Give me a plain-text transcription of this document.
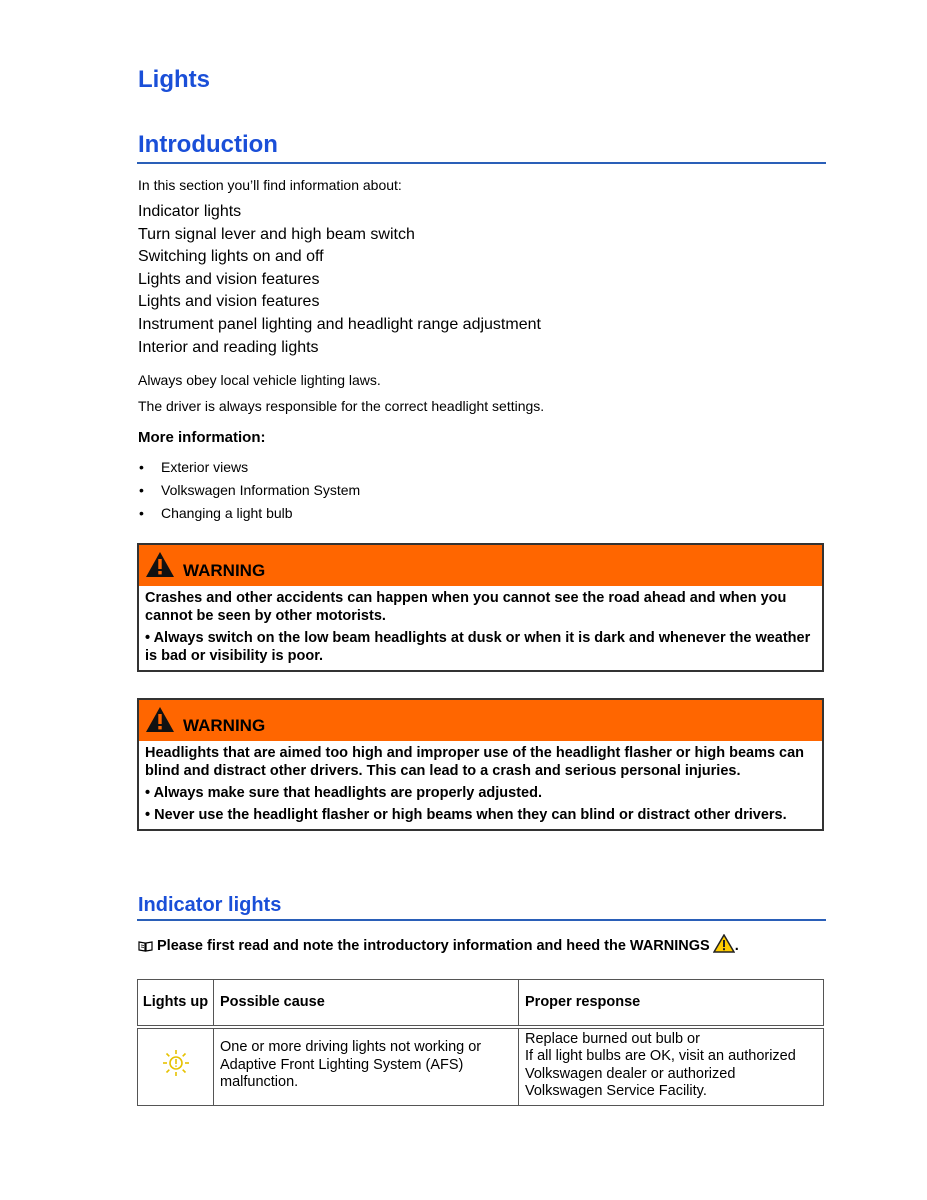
Lights
Introduction
In this section you’ll find information about:
Indicator lights
Turn signal lever and high beam switch
Switching lights on and off
Lights and vision features
Lights and vision features
Instrument panel lighting and headlight range adjustment
Interior and reading lights
Always obey local vehicle lighting laws.
The driver is always responsible for the correct headlight settings.
More information:
• Exterior views
• Volkswagen Information System
• Changing a light bulb
WARNING

Crashes and other accidents can happen when you cannot see the road ahead and when you cannot be seen by other motorists.

• Always switch on the low beam headlights at dusk or when it is dark and whenever the weather is bad or visibility is poor.

WARNING

Headlights that are aimed too high and improper use of the headlight flasher or high beams can blind and distract other drivers. This can lead to a crash and serious personal injuries.

• Always make sure that headlights are properly adjusted.

• Never use the headlight flasher or high beams when they can blind or distract other drivers.

Indicator lights
Please first read and note the introductory information and heed the WARNINGS .
Lights up	Possible cause	Proper response
	One or more driving lights not working or Adaptive Front Lighting System (AFS) malfunction.	Replace burned out bulb or
If all light bulbs are OK, visit an authorized
Volkswagen dealer or authorized
Volkswagen Service Facility.
